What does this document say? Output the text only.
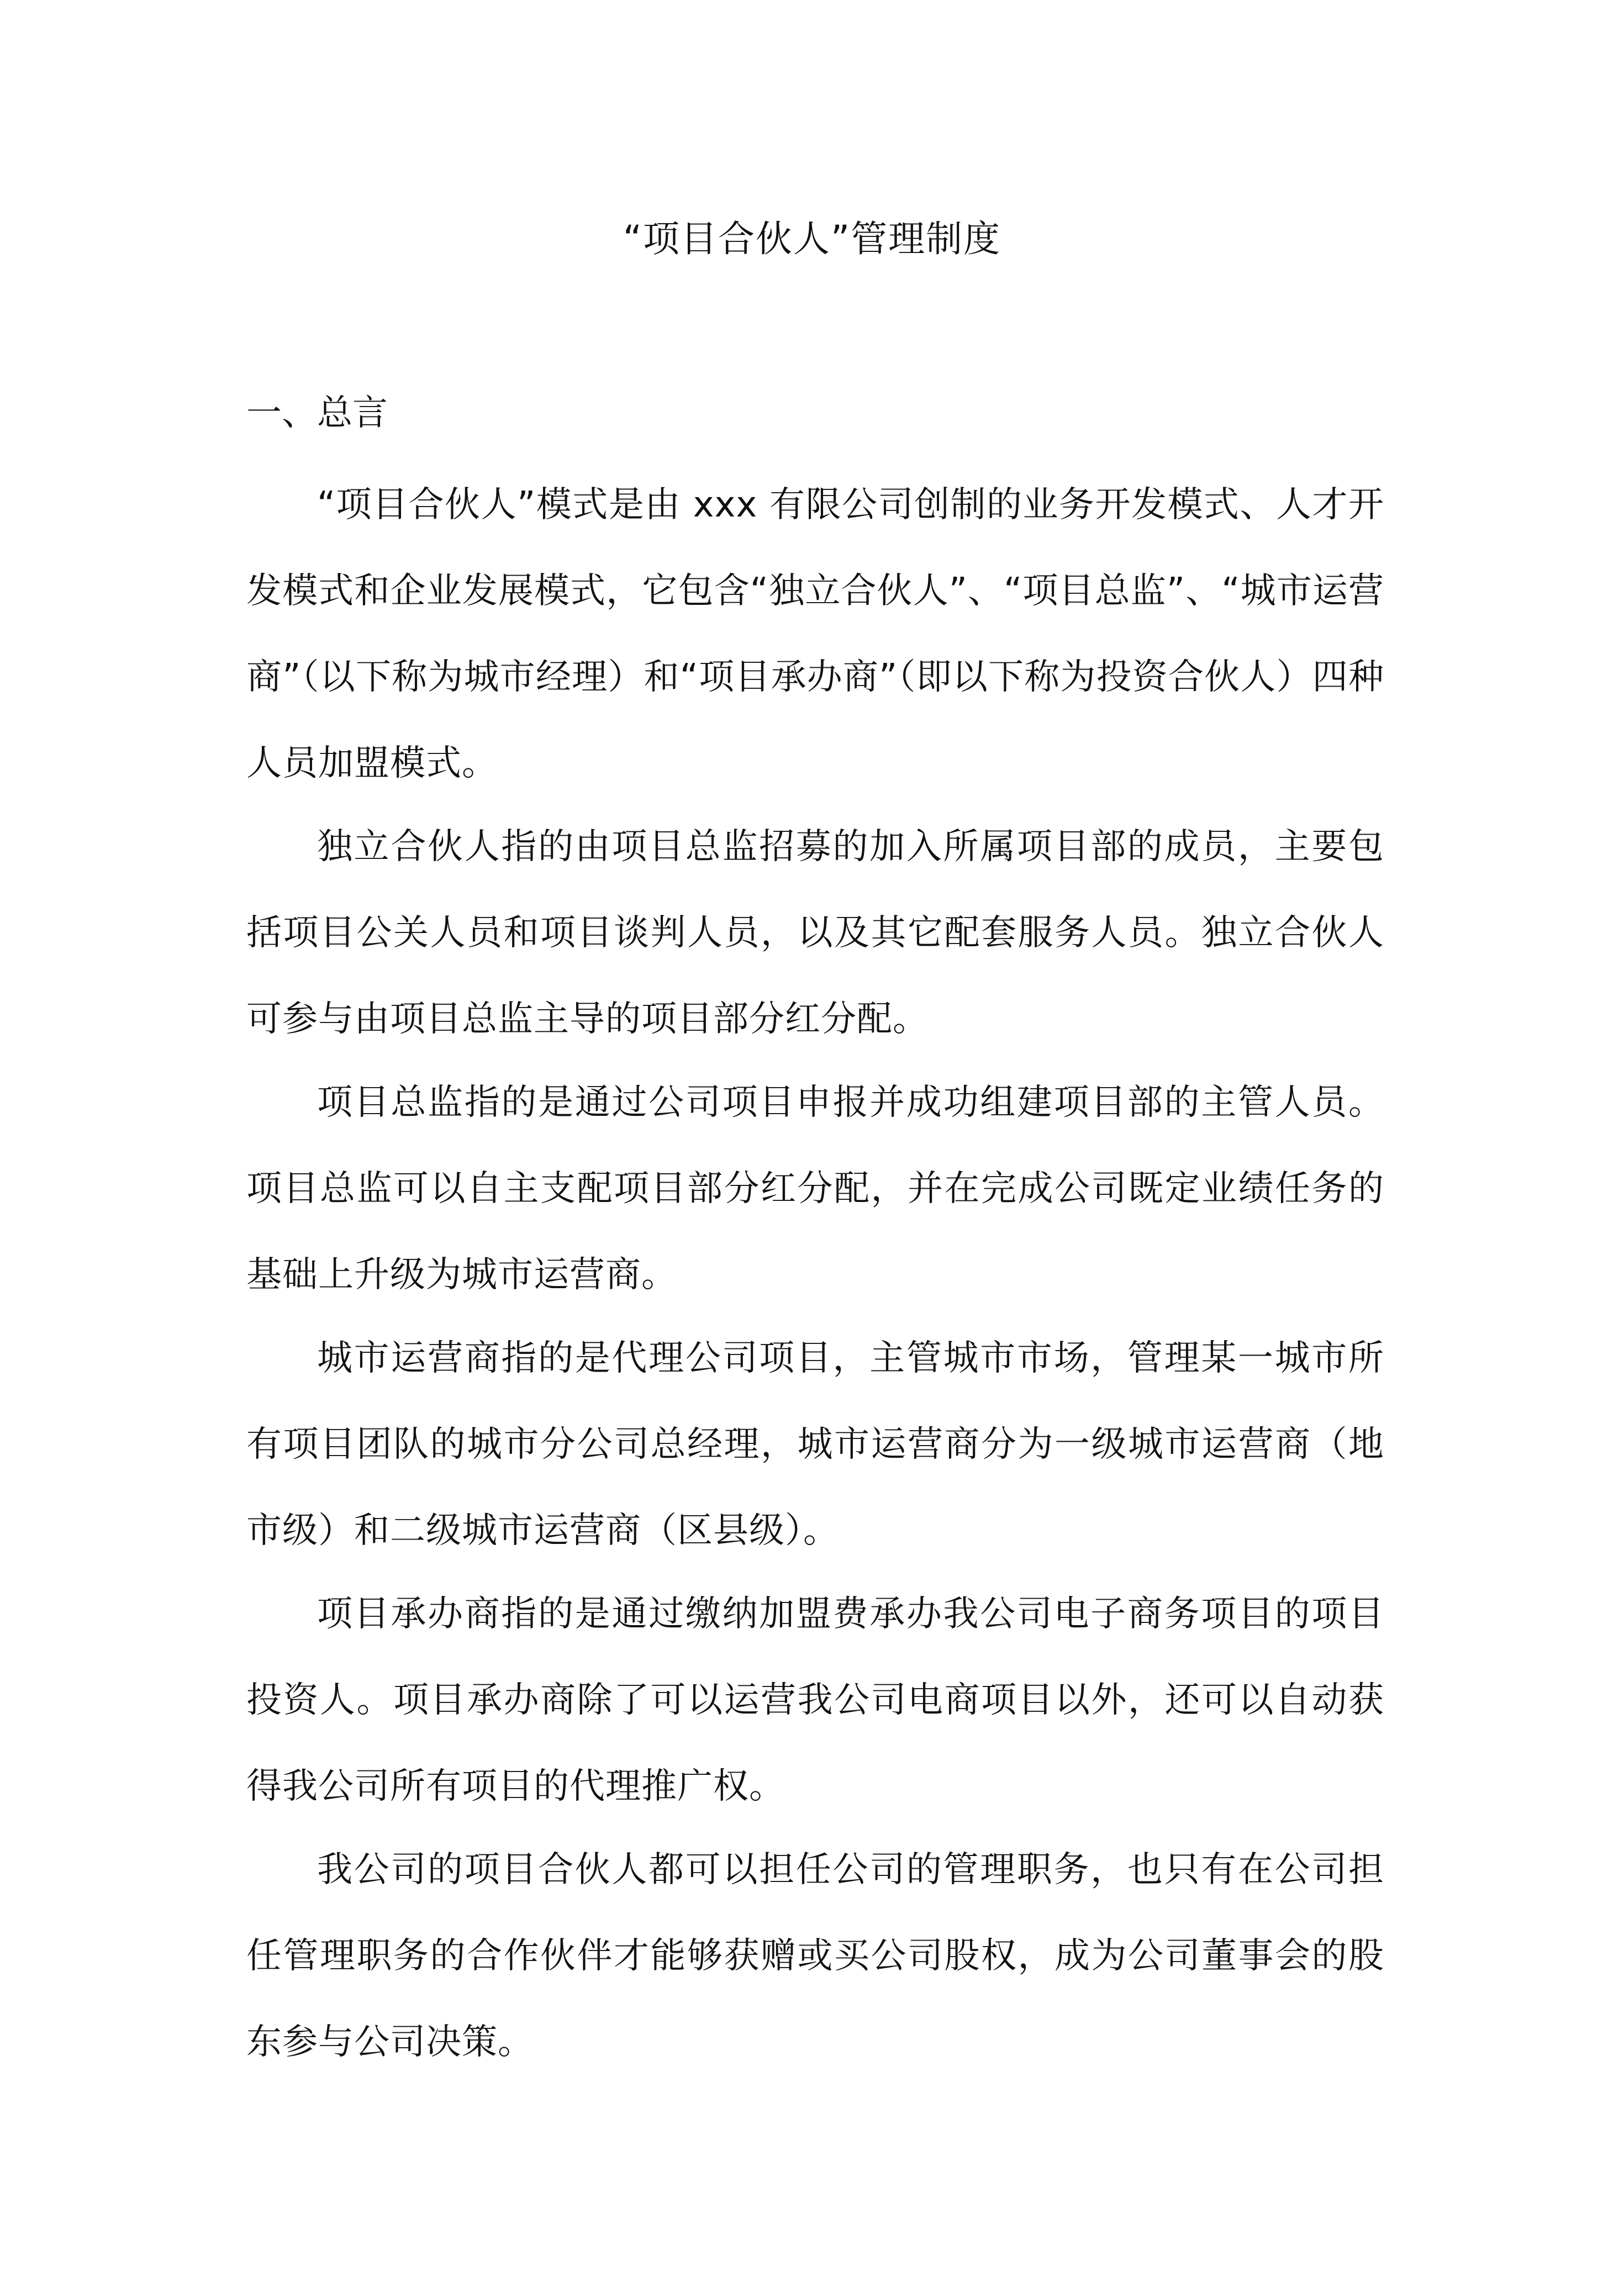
“项目合伙人”管理制度
一、总言

“项目合伙人”模式是由 xxx 有限公司创制的业务开发模式、人才开发模式和企业发展模式，它包含“独立合伙人”、“项目总监”、“城市运营商”（以下称为城市经理）和“项目承办商”（即以下称为投资合伙人）四种人员加盟模式。

独立合伙人指的由项目总监招募的加入所属项目部的成员，主要包括项目公关人员和项目谈判人员，以及其它配套服务人员。独立合伙人可参与由项目总监主导的项目部分红分配。

项目总监指的是通过公司项目申报并成功组建项目部的主管人员。项目总监可以自主支配项目部分红分配，并在完成公司既定业绩任务的基础上升级为城市运营商。

城市运营商指的是代理公司项目，主管城市市场，管理某一城市所有项目团队的城市分公司总经理，城市运营商分为一级城市运营商（地市级）和二级城市运营商（区县级）。

项目承办商指的是通过缴纳加盟费承办我公司电子商务项目的项目投资人。项目承办商除了可以运营我公司电商项目以外，还可以自动获得我公司所有项目的代理推广权。

我公司的项目合伙人都可以担任公司的管理职务，也只有在公司担任管理职务的合作伙伴才能够获赠或买公司股权，成为公司董事会的股东参与公司决策。
